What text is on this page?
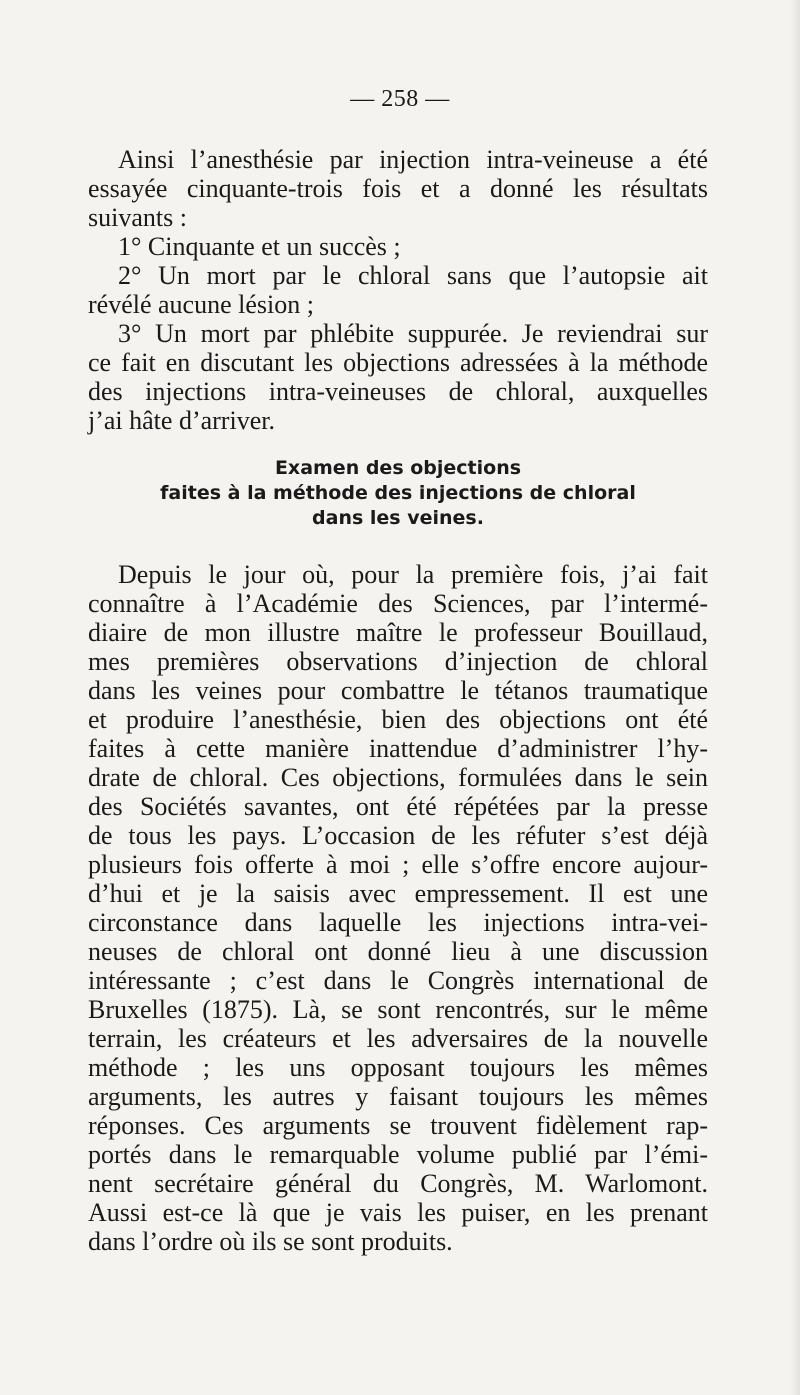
— 258 —
Ainsi l’anesthésie par injection intra-veineuse a été
essayée cinquante-trois fois et a donné les résultats
suivants :
1° Cinquante et un succès ;
2° Un mort par le chloral sans que l’autopsie ait
révélé aucune lésion ;
3° Un mort par phlébite suppurée. Je reviendrai sur
ce fait en discutant les objections adressées à la méthode
des injections intra-veineuses de chloral, auxquelles
j’ai hâte d’arriver.
Examen des objections
faites à la méthode des injections de chloral
dans les veines.
Depuis le jour où, pour la première fois, j’ai fait
connaître à l’Académie des Sciences, par l’intermé-
diaire de mon illustre maître le professeur Bouillaud,
mes premières observations d’injection de chloral
dans les veines pour combattre le tétanos traumatique
et produire l’anesthésie, bien des objections ont été
faites à cette manière inattendue d’administrer l’hy-
drate de chloral. Ces objections, formulées dans le sein
des Sociétés savantes, ont été répétées par la presse
de tous les pays. L’occasion de les réfuter s’est déjà
plusieurs fois offerte à moi ; elle s’offre encore aujour-
d’hui et je la saisis avec empressement. Il est une
circonstance dans laquelle les injections intra-vei-
neuses de chloral ont donné lieu à une discussion
intéressante ; c’est dans le Congrès international de
Bruxelles (1875). Là, se sont rencontrés, sur le même
terrain, les créateurs et les adversaires de la nouvelle
méthode ; les uns opposant toujours les mêmes
arguments, les autres y faisant toujours les mêmes
réponses. Ces arguments se trouvent fidèlement rap-
portés dans le remarquable volume publié par l’émi-
nent secrétaire général du Congrès, M. Warlomont.
Aussi est-ce là que je vais les puiser, en les prenant
dans l’ordre où ils se sont produits.
